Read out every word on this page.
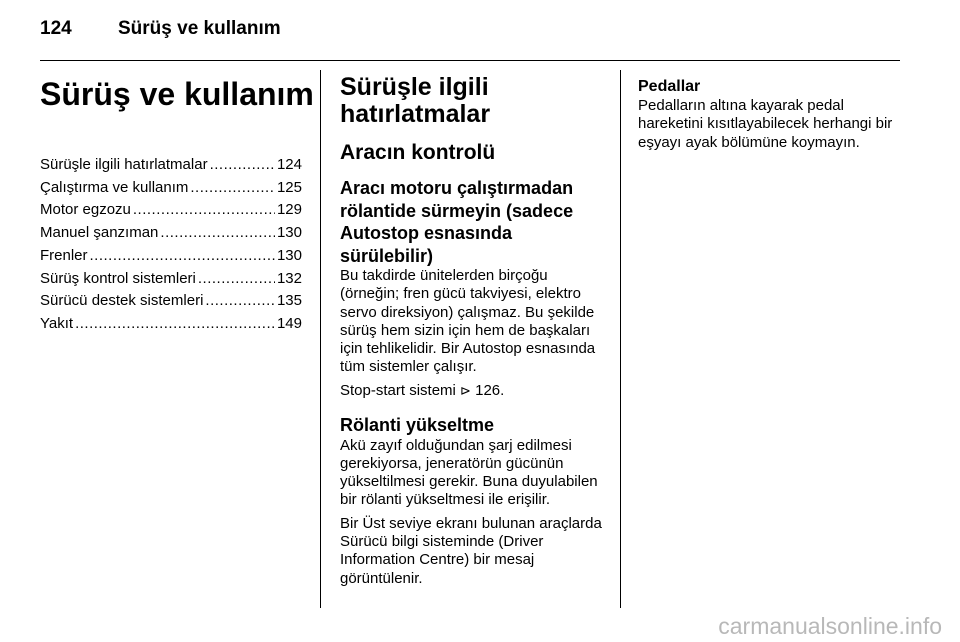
124 Sürüş ve kullanım
Sürüş ve kullanım
Sürüşle ilgili hatırlatmalar .....	124
Çalıştırma ve kullanım .....	125
Motor egzozu .....	129
Manuel şanzıman .....	130
Frenler .....	130
Sürüş kontrol sistemleri .....	132
Sürücü destek sistemleri .....	135
Yakıt .....	149
Sürüşle ilgili hatırlatmalar
Aracın kontrolü
Aracı motoru çalıştırmadan rölantide sürmeyin (sadece Autostop esnasında sürülebilir)

Bu takdirde ünitelerden birçoğu (örneğin; fren gücü takviyesi, elektro servo direksiyon) çalışmaz. Bu şekilde sürüş hem sizin için hem de başkaları için tehlikelidir. Bir Autostop esnasında tüm sistemler çalışır.

Stop-start sistemi ⊳ 126.

Rölanti yükseltme

Akü zayıf olduğundan şarj edilmesi gerekiyorsa, jeneratörün gücünün yükseltilmesi gerekir. Buna duyulabilen bir rölanti yükseltmesi ile erişilir.

Bir Üst seviye ekranı bulunan araçlarda Sürücü bilgi sisteminde (Driver Information Centre) bir mesaj görüntülenir.

Pedallar

Pedalların altına kayarak pedal hareketini kısıtlayabilecek herhangi bir eşyayı ayak bölümüne koymayın.

carmanualsonline.info
